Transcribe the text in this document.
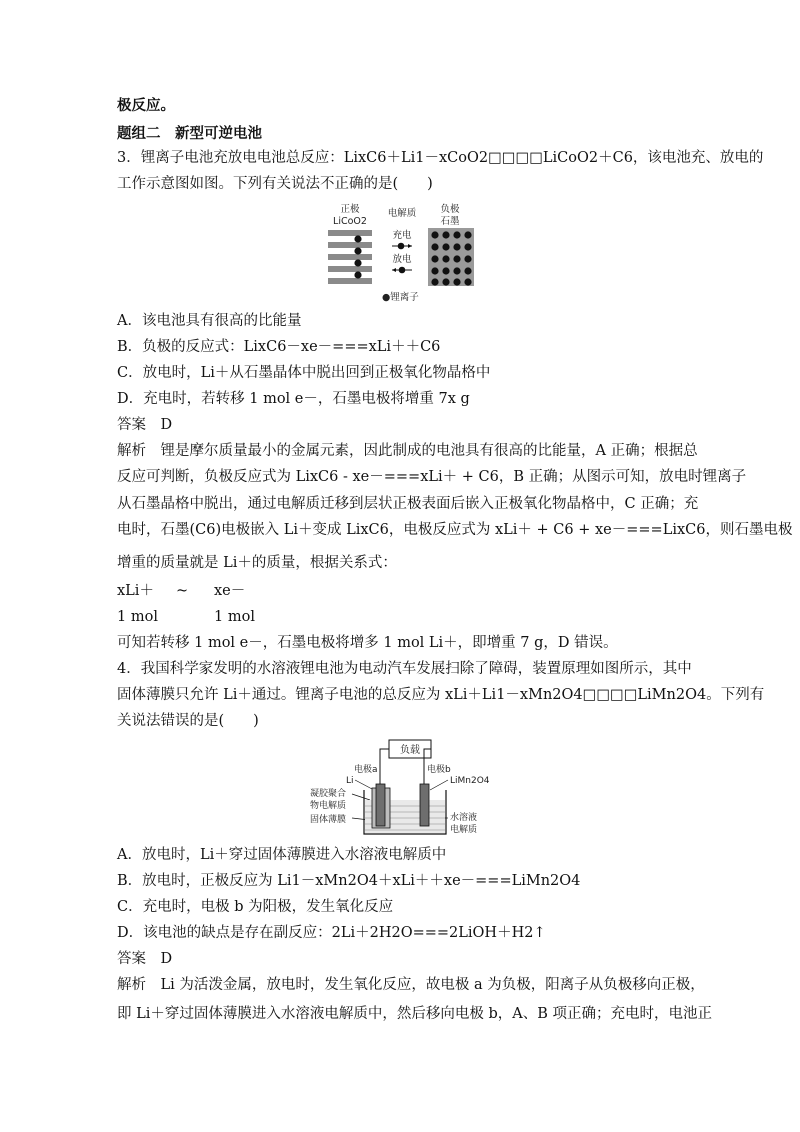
极反应。
题组二　新型可逆电池
3．锂离子电池充放电电池总反应：LixC6＋Li1－xCoO2□□□□LiCoO2＋C6，该电池充、放电的
工作示意图如图。下列有关说法不正确的是(　　)
正极
LiCoO2
电解质	负极
石墨
充电
放电
●锂离子
A．该电池具有很高的比能量
B．负极的反应式：LixC6－xe－===xLi＋＋C6
C．放电时，Li＋从石墨晶体中脱出回到正极氧化物晶格中
D．充电时，若转移 1 mol e－，石墨电极将增重 7x g
答案　D
解析　锂是摩尔质量最小的金属元素，因此制成的电池具有很高的比能量，A 正确；根据总
反应可判断，负极反应式为 LixC6 - xe－===xLi＋ + C6，B 正确；从图示可知，放电时锂离子
从石墨晶格中脱出，通过电解质迁移到层状正极表面后嵌入正极氧化物晶格中，C 正确；充
电时，石墨(C6)电极嵌入 Li＋变成 LixC6，电极反应式为 xLi＋ + C6 + xe－===LixC6，则石墨电极
增重的质量就是 Li＋的质量，根据关系式：
xLi＋ ~ xe－
1 mol	1 mol
可知若转移 1 mol e－，石墨电极将增多 1 mol Li＋，即增重 7 g，D 错误。
4．我国科学家发明的水溶液锂电池为电动汽车发展扫除了障碍，装置原理如图所示，其中
固体薄膜只允许 Li＋通过。锂离子电池的总反应为 xLi＋Li1－xMn2O4□□□□LiMn2O4。下列有
关说法错误的是(　　)
负载
电极a	电极b
Li
凝胶聚合
物电解质
固体薄膜
LiMn2O4
水溶液
电解质
A．放电时，Li＋穿过固体薄膜进入水溶液电解质中
B．放电时，正极反应为 Li1－xMn2O4＋xLi＋＋xe－===LiMn2O4
C．充电时，电极 b 为阳极，发生氧化反应
D．该电池的缺点是存在副反应：2Li＋2H2O===2LiOH＋H2↑
答案　D
解析　Li 为活泼金属，放电时，发生氧化反应，故电极 a 为负极，阳离子从负极移向正极，
即 Li＋穿过固体薄膜进入水溶液电解质中，然后移向电极 b，A、B 项正确；充电时，电池正
